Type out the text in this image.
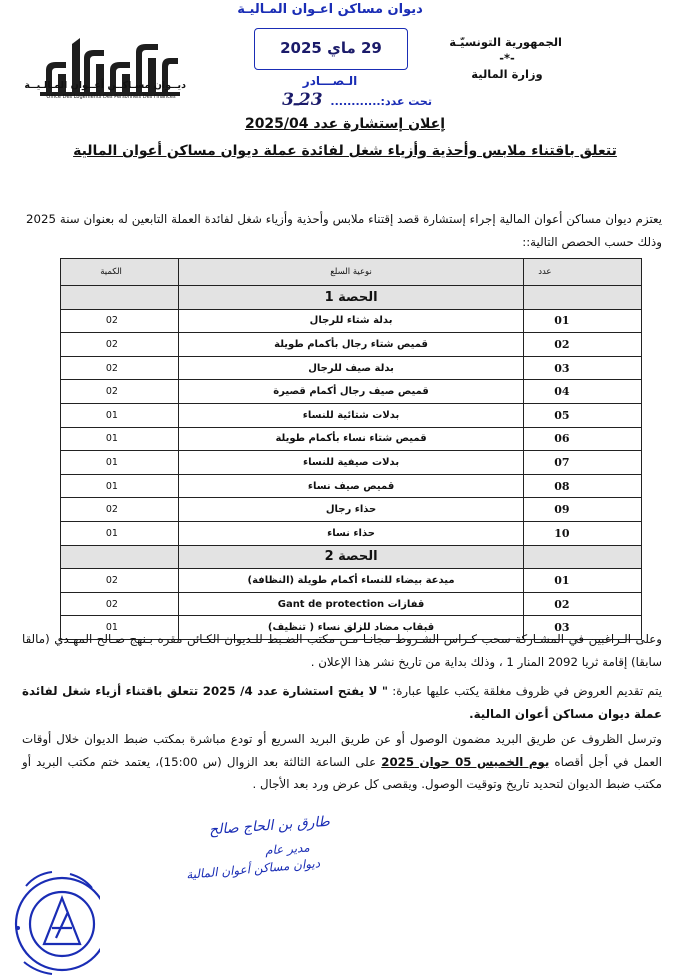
الجمهورية التونسيّـة
-*-
وزارة المالية
ديوان مساكن اعـوان المـاليـة
29 ماي 2025
الـصـــادر
تحت عدد:............ 23ـ3
ديــوان مسـاكــن أعــوان المـالـيــة
Office Des Logements Des Personnels Des Finances
إعلان إستشارة عدد 2025/04
تتعلق باقتناء ملابس وأحذية وأزياء شغل لفائدة عملة ديوان مساكن أعوان المالية
يعتزم ديوان مساكن أعوان المالية إجراء إستشارة قصد إقتناء ملابس وأحذية وأزياء شغل لفائدة العملة التابعين له بعنوان سنة 2025 وذلك حسب الحصص التالية::
عدد	نوعية السلع	الكمية
	الحصة 1	
01	بدلة شتاء للرجال	02
02	قميص شتاء رجال بأكمام طويلة	02
03	بدلة صيف للرجال	02
04	قميص صيف رجال أكمام قصيرة	02
05	بدلات شتائية للنساء	01
06	قميص شتاء نساء بأكمام طويلة	01
07	بدلات صيفية للنساء	01
08	قميص صيف نساء	01
09	حذاء رجال	02
10	حذاء نساء	01
	الحصة 2	
01	ميدعة بيضاء للنساء أكمام طويلة (النظافة)	02
02	قفازات Gant de protection	02
03	قبقاب مضاد للزلق نساء ( تنظيف)	01
وعلى الـراغبين في المشـاركة سحب كـراس الشـروط مجانـا مـن مكتب الضـبط للـديوان الكـائن مقره بـنهج صـالح المهـدي (مالقا سابقا) إقامة ثريا 2092 المنار 1 ، وذلك بداية من تاريخ نشر هذا الإعلان .
يتم تقديم العروض في ظروف مغلقة يكتب عليها عبارة: " لا يفتح استشارة عدد 4/ 2025 تتعلق باقتناء أزياء شغل لفائدة عملة ديوان مساكن أعوان المالية.
وترسل الظروف عن طريق البريد مضمون الوصول أو عن طريق البريد السريع أو تودع مباشرة بمكتب ضبط الديوان خلال أوقات العمل في أجل أقصاه يوم الخميس 05 جوان 2025 على الساعة الثالثة بعد الزوال (س 15:00)، يعتمد ختم مكتب البريد أو مكتب ضبط الديوان لتحديد تاريخ وتوقيت الوصول. ويقصى كل عرض ورد بعد الأجال .
طارق بن الحاج صالح
مدير عام
ديوان مساكن أعوان المالية
